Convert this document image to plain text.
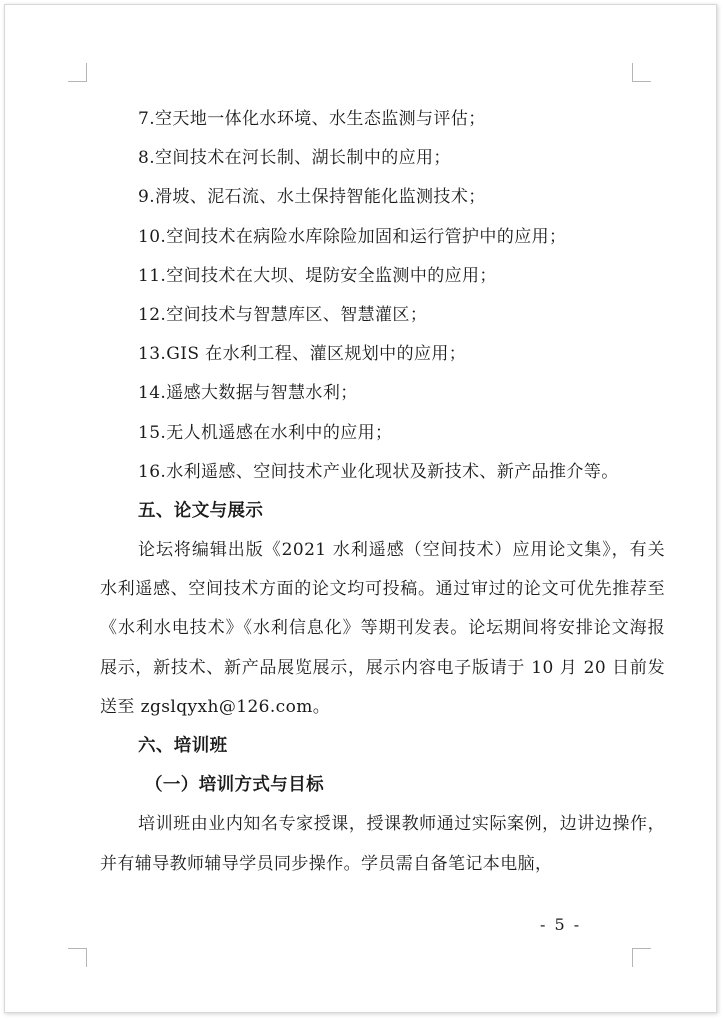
7.空天地一体化水环境、水生态监测与评估；
8.空间技术在河长制、湖长制中的应用；
9.滑坡、泥石流、水土保持智能化监测技术；
10.空间技术在病险水库除险加固和运行管护中的应用；
11.空间技术在大坝、堤防安全监测中的应用；
12.空间技术与智慧库区、智慧灌区；
13.GIS 在水利工程、灌区规划中的应用；
14.遥感大数据与智慧水利；
15.无人机遥感在水利中的应用；
16.水利遥感、空间技术产业化现状及新技术、新产品推介等。
五、论文与展示

论坛将编辑出版《2021 水利遥感（空间技术）应用论文集》，有关水利遥感、空间技术方面的论文均可投稿。通过审过的论文可优先推荐至《水利水电技术》《水利信息化》等期刊发表。论坛期间将安排论文海报展示，新技术、新产品展览展示，展示内容电子版请于 10 月 20 日前发送至 zgslqyxh@126.com。

六、培训班
（一）培训方式与目标

培训班由业内知名专家授课，授课教师通过实际案例，边讲边操作，并有辅导教师辅导学员同步操作。学员需自备笔记本电脑，

- 5 -
